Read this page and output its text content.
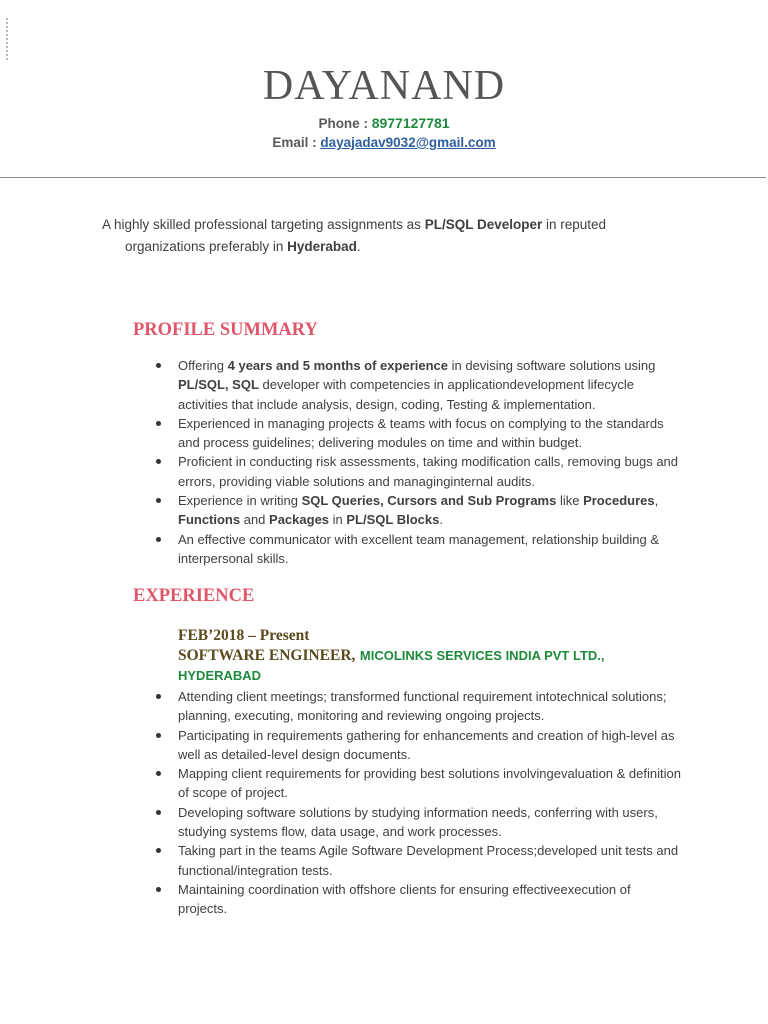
DAYANAND
Phone : 8977127781
Email : dayajadav9032@gmail.com

A highly skilled professional targeting assignments as PL/SQL Developer in reputed
organizations preferably in Hyderabad.

PROFILE SUMMARY
Offering 4 years and 5 months of experience in devising software solutions using PL/SQL, SQL developer with competencies in applicationdevelopment lifecycle activities that include analysis, design, coding, Testing & implementation.
Experienced in managing projects & teams with focus on complying to the standards and process guidelines; delivering modules on time and within budget.
Proficient in conducting risk assessments, taking modification calls, removing bugs and errors, providing viable solutions and managinginternal audits.
Experience in writing SQL Queries, Cursors and Sub Programs like Procedures, Functions and Packages in PL/SQL Blocks.
An effective communicator with excellent team management, relationship building & interpersonal skills.
EXPERIENCE

FEB’2018 – Present

SOFTWARE ENGINEER, MICOLINKS SERVICES INDIA PVT LTD., HYDERABAD

Attending client meetings; transformed functional requirement intotechnical solutions; planning, executing, monitoring and reviewing ongoing projects.
Participating in requirements gathering for enhancements and creation of high-level as well as detailed-level design documents.
Mapping client requirements for providing best solutions involvingevaluation & definition of scope of project.
Developing software solutions by studying information needs, conferring with users, studying systems flow, data usage, and work processes.
Taking part in the teams Agile Software Development Process;developed unit tests and functional/integration tests.
Maintaining coordination with offshore clients for ensuring effectiveexecution of projects.
